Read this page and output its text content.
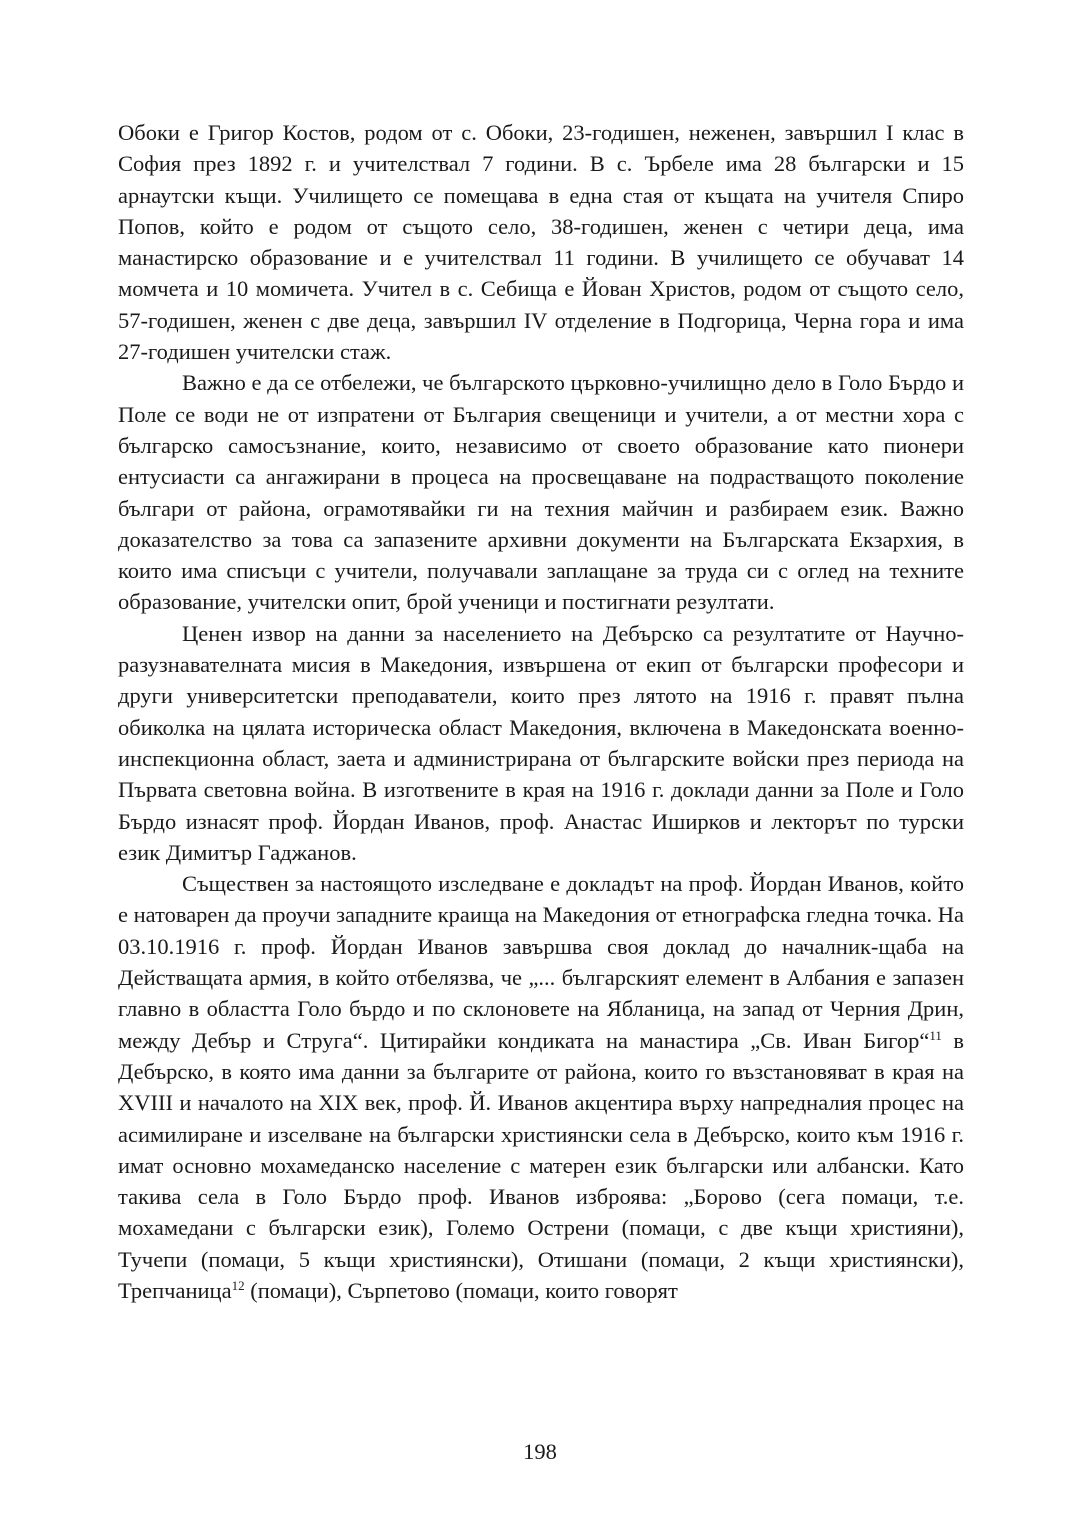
Обоки е Григор Костов, родом от с. Обоки, 23-годишен, неженен, завършил I клас в София през 1892 г. и учителствал 7 години. В с. Ърбеле има 28 български и 15 арнаутски къщи. Училището се помещава в една стая от къщата на учителя Спиро Попов, който е родом от същото село, 38-годишен, женен с четири деца, има манастирско образование и е учителствал 11 години. В училището се обучават 14 момчета и 10 момичета. Учител в с. Себища е Йован Христов, родом от същото село, 57-годишен, женен с две деца, завършил IV отделение в Подгорица, Черна гора и има 27-годишен учителски стаж.

Важно е да се отбележи, че българското църковно-училищно дело в Голо Бърдо и Поле се води не от изпратени от България свещеници и учители, а от местни хора с българско самосъзнание, които, независимо от своето образование като пионери ентусиасти са ангажирани в процеса на просвещаване на подрастващото поколение българи от района, ограмотявайки ги на техния майчин и разбираем език. Важно доказателство за това са запазените архивни документи на Българската Екзархия, в които има списъци с учители, получавали заплащане за труда си с оглед на техните образование, учителски опит, брой ученици и постигнати резултати.

Ценен извор на данни за населението на Дебърско са резултатите от Научно-разузнавателната мисия в Македония, извършена от екип от български професори и други университетски преподаватели, които през лятото на 1916 г. правят пълна обиколка на цялата историческа област Македония, включена в Македонската военно-инспекционна област, заета и администрирана от българските войски през периода на Първата световна война. В изготвените в края на 1916 г. доклади данни за Поле и Голо Бърдо изнасят проф. Йордан Иванов, проф. Анастас Иширков и лекторът по турски език Димитър Гаджанов.

Съществен за настоящото изследване е докладът на проф. Йордан Иванов, който е натоварен да проучи западните краища на Македония от етнографска гледна точка. На 03.10.1916 г. проф. Йордан Иванов завършва своя доклад до началник-щаба на Действащата армия, в който отбелязва, че „... българският елемент в Албания е запазен главно в областта Голо бърдо и по склоновете на Ябланица, на запад от Черния Дрин, между Дебър и Струга“. Цитирайки кондиката на манастира „Св. Иван Бигор“$^{11}$ в Дебърско, в която има данни за българите от района, които го възстановяват в края на XVIII и началото на XIX век, проф. Й. Иванов акцентира върху напредналия процес на асимилиране и изселване на български християнски села в Дебърско, които към 1916 г. имат основно мохамеданско население с матерен език български или албански. Като такива села в Голо Бърдо проф. Иванов изброява: „Борово (сега помаци, т.е. мохамедани с български език), Големо Острени (помаци, с две къщи християни), Тучепи (помаци, 5 къщи християнски), Отишани (помаци, 2 къщи християнски), Трепчаница$^{12}$ (помаци), Сърпетово (помаци, които говорят

198
